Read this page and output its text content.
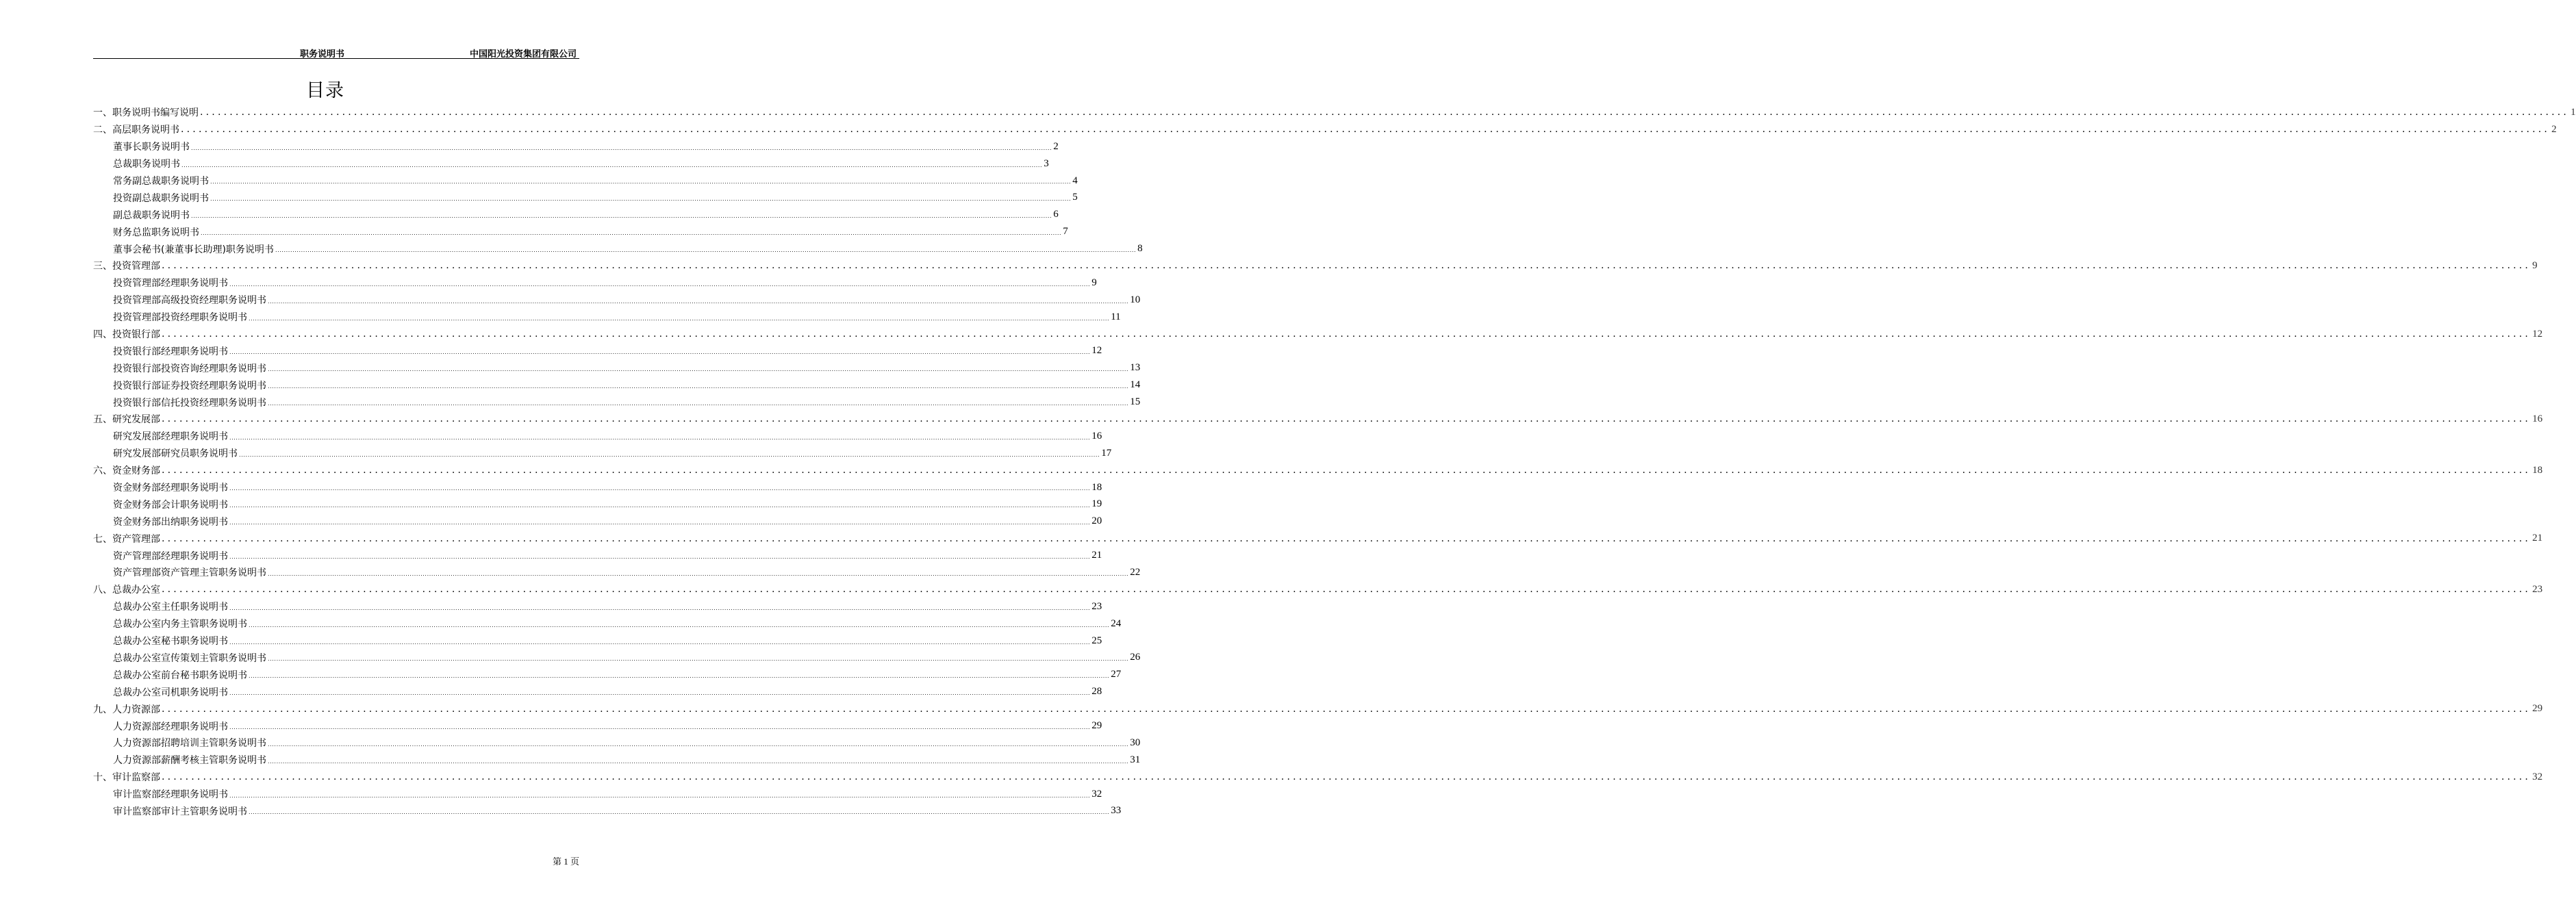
职务说明书	中国阳光投资集团有限公司
目录
一、职务说明书编写说明 ................................................................................................................................................................................................................................................................................................................................................................................................................ 1
二、高层职务说明书 ................................................................................................................................................................................................................................................................................................................................................................................................................ 2
董事长职务说明书 ................................................................................................................................................................................................................................................................................................................................................................................................................ 2
总裁职务说明书 ................................................................................................................................................................................................................................................................................................................................................................................................................ 3
常务副总裁职务说明书 ................................................................................................................................................................................................................................................................................................................................................................................................................ 4
投资副总裁职务说明书 ................................................................................................................................................................................................................................................................................................................................................................................................................ 5
副总裁职务说明书 ................................................................................................................................................................................................................................................................................................................................................................................................................ 6
财务总监职务说明书 ................................................................................................................................................................................................................................................................................................................................................................................................................ 7
董事会秘书(兼董事长助理)职务说明书 ................................................................................................................................................................................................................................................................................................................................................................................................................ 8
三、投资管理部 ................................................................................................................................................................................................................................................................................................................................................................................................................ 9
投资管理部经理职务说明书 ................................................................................................................................................................................................................................................................................................................................................................................................................ 9
投资管理部高级投资经理职务说明书 ................................................................................................................................................................................................................................................................................................................................................................................................................ 10
投资管理部投资经理职务说明书 ................................................................................................................................................................................................................................................................................................................................................................................................................ 11
四、投资银行部 ................................................................................................................................................................................................................................................................................................................................................................................................................ 12
投资银行部经理职务说明书 ................................................................................................................................................................................................................................................................................................................................................................................................................ 12
投资银行部投资咨询经理职务说明书 ................................................................................................................................................................................................................................................................................................................................................................................................................ 13
投资银行部证券投资经理职务说明书 ................................................................................................................................................................................................................................................................................................................................................................................................................ 14
投资银行部信托投资经理职务说明书 ................................................................................................................................................................................................................................................................................................................................................................................................................ 15
五、研究发展部 ................................................................................................................................................................................................................................................................................................................................................................................................................ 16
研究发展部经理职务说明书 ................................................................................................................................................................................................................................................................................................................................................................................................................ 16
研究发展部研究员职务说明书 ................................................................................................................................................................................................................................................................................................................................................................................................................ 17
六、资金财务部 ................................................................................................................................................................................................................................................................................................................................................................................................................ 18
资金财务部经理职务说明书 ................................................................................................................................................................................................................................................................................................................................................................................................................ 18
资金财务部会计职务说明书 ................................................................................................................................................................................................................................................................................................................................................................................................................ 19
资金财务部出纳职务说明书 ................................................................................................................................................................................................................................................................................................................................................................................................................ 20
七、资产管理部 ................................................................................................................................................................................................................................................................................................................................................................................................................ 21
资产管理部经理职务说明书 ................................................................................................................................................................................................................................................................................................................................................................................................................ 21
资产管理部资产管理主管职务说明书 ................................................................................................................................................................................................................................................................................................................................................................................................................ 22
八、总裁办公室 ................................................................................................................................................................................................................................................................................................................................................................................................................ 23
总裁办公室主任职务说明书 ................................................................................................................................................................................................................................................................................................................................................................................................................ 23
总裁办公室内务主管职务说明书 ................................................................................................................................................................................................................................................................................................................................................................................................................ 24
总裁办公室秘书职务说明书 ................................................................................................................................................................................................................................................................................................................................................................................................................ 25
总裁办公室宣传策划主管职务说明书 ................................................................................................................................................................................................................................................................................................................................................................................................................ 26
总裁办公室前台秘书职务说明书 ................................................................................................................................................................................................................................................................................................................................................................................................................ 27
总裁办公室司机职务说明书 ................................................................................................................................................................................................................................................................................................................................................................................................................ 28
九、人力资源部 ................................................................................................................................................................................................................................................................................................................................................................................................................ 29
人力资源部经理职务说明书 ................................................................................................................................................................................................................................................................................................................................................................................................................ 29
人力资源部招聘培训主管职务说明书 ................................................................................................................................................................................................................................................................................................................................................................................................................ 30
人力资源部薪酬考核主管职务说明书 ................................................................................................................................................................................................................................................................................................................................................................................................................ 31
十、审计监察部 ................................................................................................................................................................................................................................................................................................................................................................................................................ 32
审计监察部经理职务说明书 ................................................................................................................................................................................................................................................................................................................................................................................................................ 32
审计监察部审计主管职务说明书 ................................................................................................................................................................................................................................................................................................................................................................................................................ 33
第 1 页
